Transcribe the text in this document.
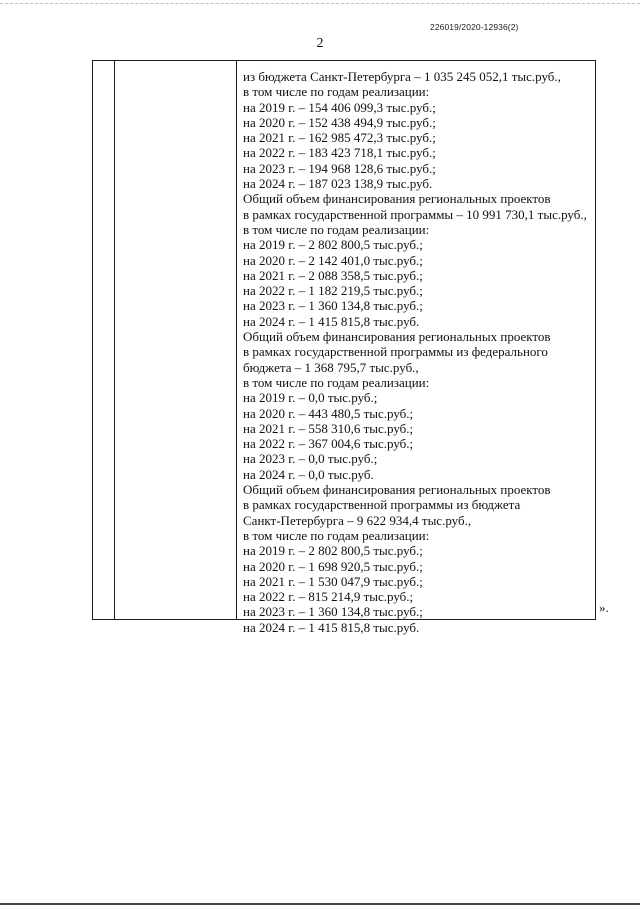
226019/2020-12936(2)
2
из бюджета Санкт-Петербурга – 1 035 245 052,1 тыс.руб.,
в том числе по годам реализации:
на 2019 г. – 154 406 099,3 тыс.руб.;
на 2020 г. – 152 438 494,9 тыс.руб.;
на 2021 г. – 162 985 472,3 тыс.руб.;
на 2022 г. – 183 423 718,1 тыс.руб.;
на 2023 г. – 194 968 128,6 тыс.руб.;
на 2024 г. – 187 023 138,9 тыс.руб.
Общий объем финансирования региональных проектов
в рамках государственной программы – 10 991 730,1 тыс.руб.,
в том числе по годам реализации:
на 2019 г. – 2 802 800,5 тыс.руб.;
на 2020 г. – 2 142 401,0 тыс.руб.;
на 2021 г. – 2 088 358,5 тыс.руб.;
на 2022 г. – 1 182 219,5 тыс.руб.;
на 2023 г. – 1 360 134,8 тыс.руб.;
на 2024 г. – 1 415 815,8 тыс.руб.
Общий объем финансирования региональных проектов
в рамках государственной программы из федерального
бюджета – 1 368 795,7 тыс.руб.,
в том числе по годам реализации:
на 2019 г. – 0,0 тыс.руб.;
на 2020 г. – 443 480,5 тыс.руб.;
на 2021 г. – 558 310,6 тыс.руб.;
на 2022 г. – 367 004,6 тыс.руб.;
на 2023 г. – 0,0 тыс.руб.;
на 2024 г. – 0,0 тыс.руб.
Общий объем финансирования региональных проектов
в рамках государственной программы из бюджета
Санкт-Петербурга – 9 622 934,4 тыс.руб.,
в том числе по годам реализации:
на 2019 г. – 2 802 800,5 тыс.руб.;
на 2020 г. – 1 698 920,5 тыс.руб.;
на 2021 г. – 1 530 047,9 тыс.руб.;
на 2022 г. – 815 214,9 тыс.руб.;
на 2023 г. – 1 360 134,8 тыс.руб.;
на 2024 г. – 1 415 815,8 тыс.руб.
».
